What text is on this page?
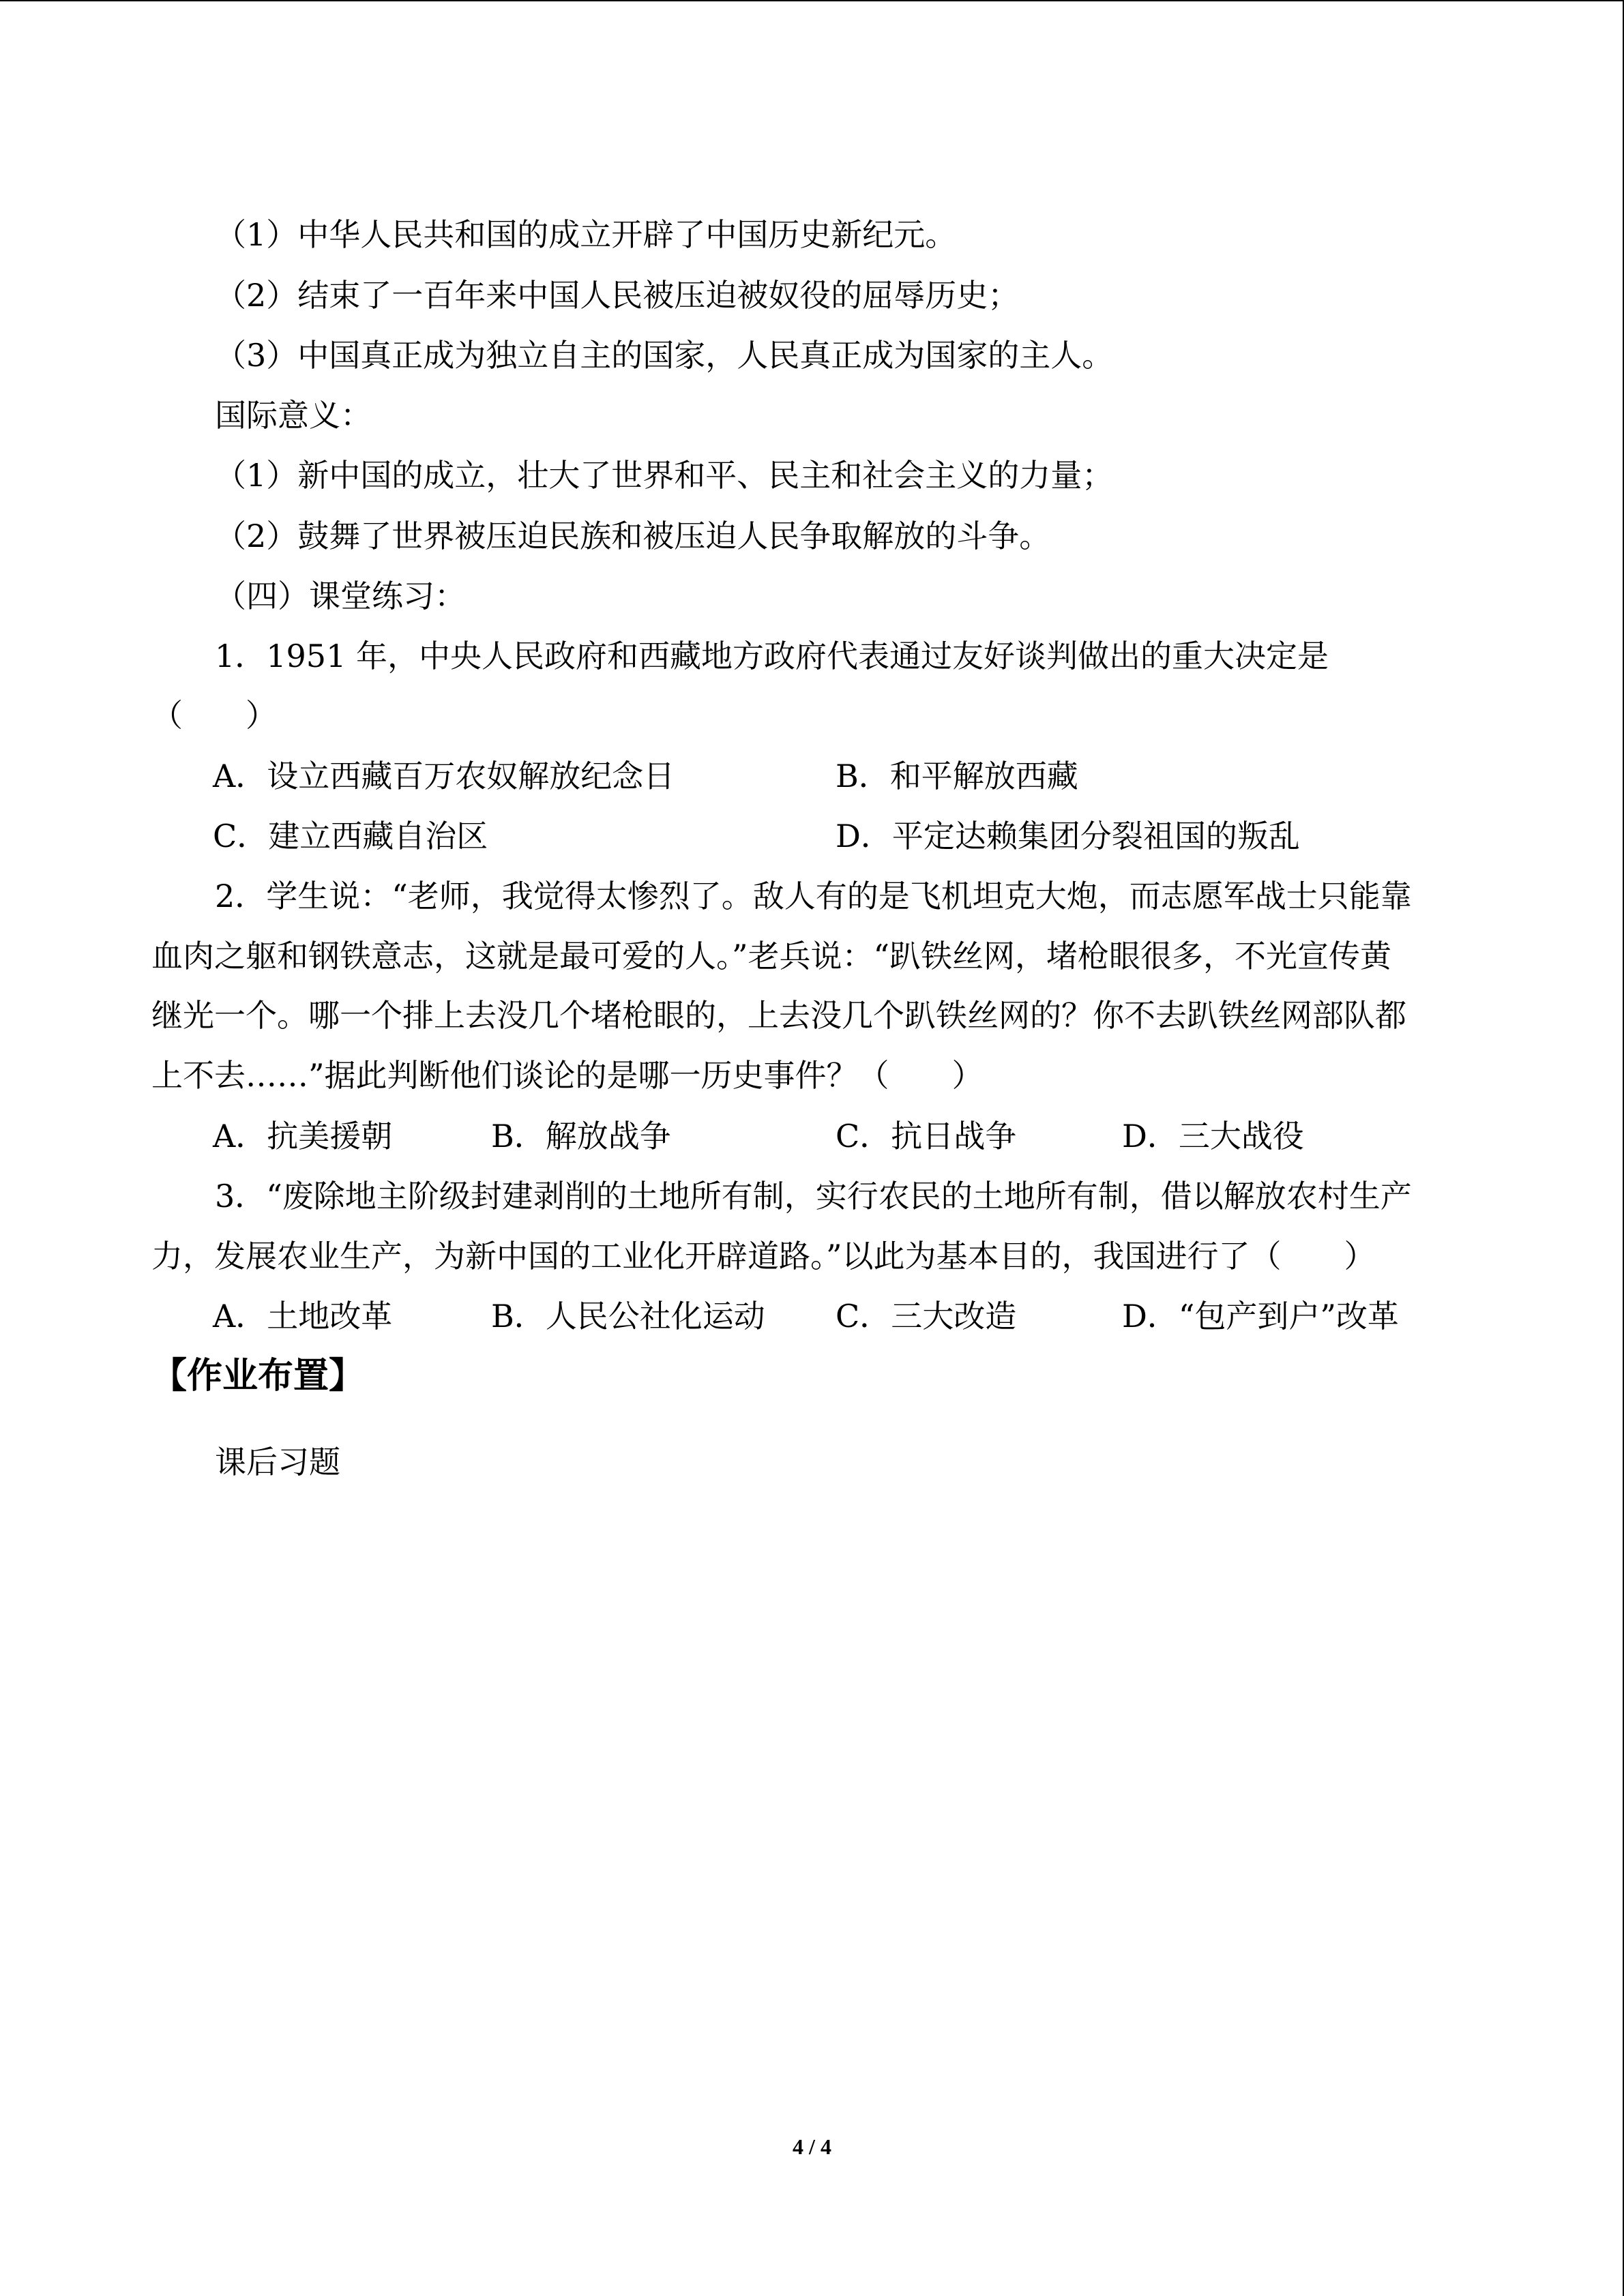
（1）中华人民共和国的成立开辟了中国历史新纪元。
（2）结束了一百年来中国人民被压迫被奴役的屈辱历史；
（3）中国真正成为独立自主的国家，人民真正成为国家的主人。
国际意义：
（1）新中国的成立，壮大了世界和平、民主和社会主义的力量；
（2）鼓舞了世界被压迫民族和被压迫人民争取解放的斗争。
（四）课堂练习：
1．1951 年，中央人民政府和西藏地方政府代表通过友好谈判做出的重大决定是
（　　）
A．设立西藏百万农奴解放纪念日	B．和平解放西藏
C．建立西藏自治区	D．平定达赖集团分裂祖国的叛乱
2．学生说：“老师，我觉得太惨烈了。敌人有的是飞机坦克大炮，而志愿军战士只能靠
血肉之躯和钢铁意志，这就是最可爱的人。”老兵说：“趴铁丝网，堵枪眼很多，不光宣传黄
继光一个。哪一个排上去没几个堵枪眼的，上去没几个趴铁丝网的？你不去趴铁丝网部队都
上不去……”据此判断他们谈论的是哪一历史事件？（　　）
A．抗美援朝	B．解放战争	C．抗日战争	D．三大战役
3．“废除地主阶级封建剥削的土地所有制，实行农民的土地所有制，借以解放农村生产
力，发展农业生产，为新中国的工业化开辟道路。”以此为基本目的，我国进行了（　　）
A．土地改革	B．人民公社化运动 C．三大改造	D．“包产到户”改革
【作业布置】
课后习题
4 / 4
